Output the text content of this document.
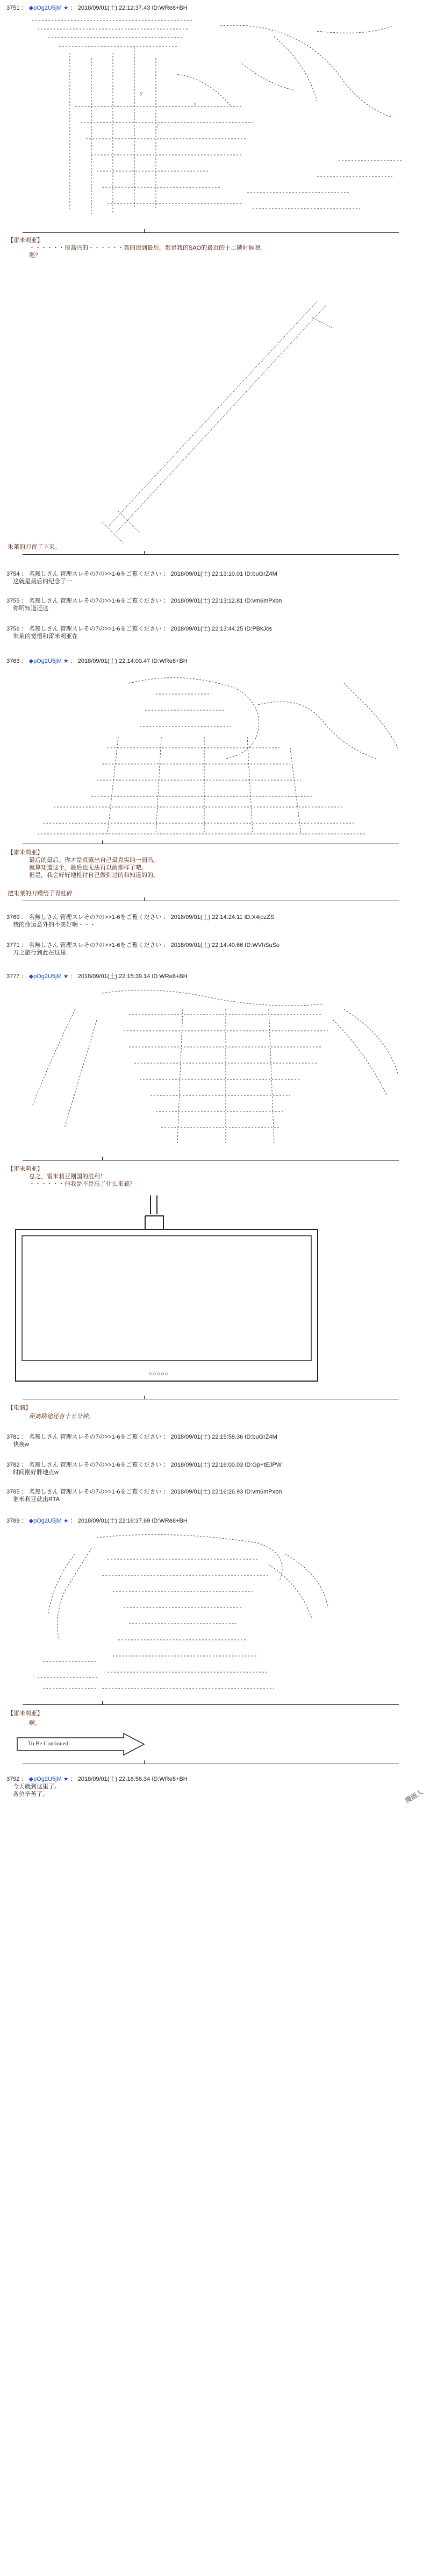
3751 ： ◆pOg2U5jM ★ ： 2018/09/01(土) 22:12:37.43 ID:WRe8+BH
ｿ
ﾊ
ﾉ
【雷米莉亚】
・・・・・・很高兴的・・・・・・真的遗到最后。都是我的SAO的最近的十二隣时候嗯。
嗯？
朱莱的刀留了下来。
3754 ： 名無しさん 管理スレその7の>>1-6をご覧ください ： 2018/09/01(土) 22:13:10.01 ID:buGrZ4M
这就是最后的纪念了一
3755 ： 名無しさん 管理スレその7の>>1-6をご覧ください ： 2018/09/01(土) 22:13:12.81 ID:vm6mPxbn
你明知道还这
3756 ： 名無しさん 管理スレその7の>>1-6をご覧ください ： 2018/09/01(土) 22:13:44.25 ID:PBkJcs
朱莱的觉悟和雷米莉亚在
3763 ： ◆pOg2U5jM ★ ： 2018/09/01(土) 22:14:00.47 ID:WRe8+BH
【雷米莉亚】
最后的最后。你才是真露出自己最真实的一面吗。
就算知道这个，最后也无法再以前那样了吧。
但是，我会好好地检讨自己做到过的和知道的的。
把朱莱的刀赠给了青蛙碎
3769 ： 名無しさん 管理スレその7の>>1-6をご覧ください ： 2018/09/01(土) 22:14:24.11 ID:X4ipzZS
我的命运意外的不美好啊・・・
3771 ： 名無しさん 管理スレその7の>>1-6をご覧ください ： 2018/09/01(土) 22:14:40.66 ID:WVhSuSe
刀之旅行到此在这里
3777 ： ◆pOg2U5jM ★ ： 2018/09/01(土) 22:15:39.14 ID:WRe8+BH
【雷米莉亚】
总之，雷米莉亚刚国的胜利！
・・・・・・但我是不是忘了什么来着？
○○○○○
【电脑】
距离路途还有十五分钟。
3781 ： 名無しさん 管理スレその7の>>1-6をご覧ください ： 2018/09/01(土) 22:15:58.36 ID:buGrZ4M
快换w
3782 ： 名無しさん 管理スレその7の>>1-6をご覧ください ： 2018/09/01(土) 22:16:00.03 ID:Gp+tEJPW
时间刚好胖地点w
3785 ： 名無しさん 管理スレその7の>>1-6をご覧ください ： 2018/09/01(土) 22:16:26.93 ID:vm6mPxbn
谁米利亚就出RTA
3789 ： ◆pOg2U5jM ★ ： 2018/09/01(土) 22:16:37.69 ID:WRe8+BH
【雷米莉亚】
啊。
To Be Continued
3792 ： ◆pOg2U5jM ★ ： 2018/09/01(土) 22:16:56.34 ID:WRe8+BH
今天就到这里了。
各位辛苦了。	漫画人
